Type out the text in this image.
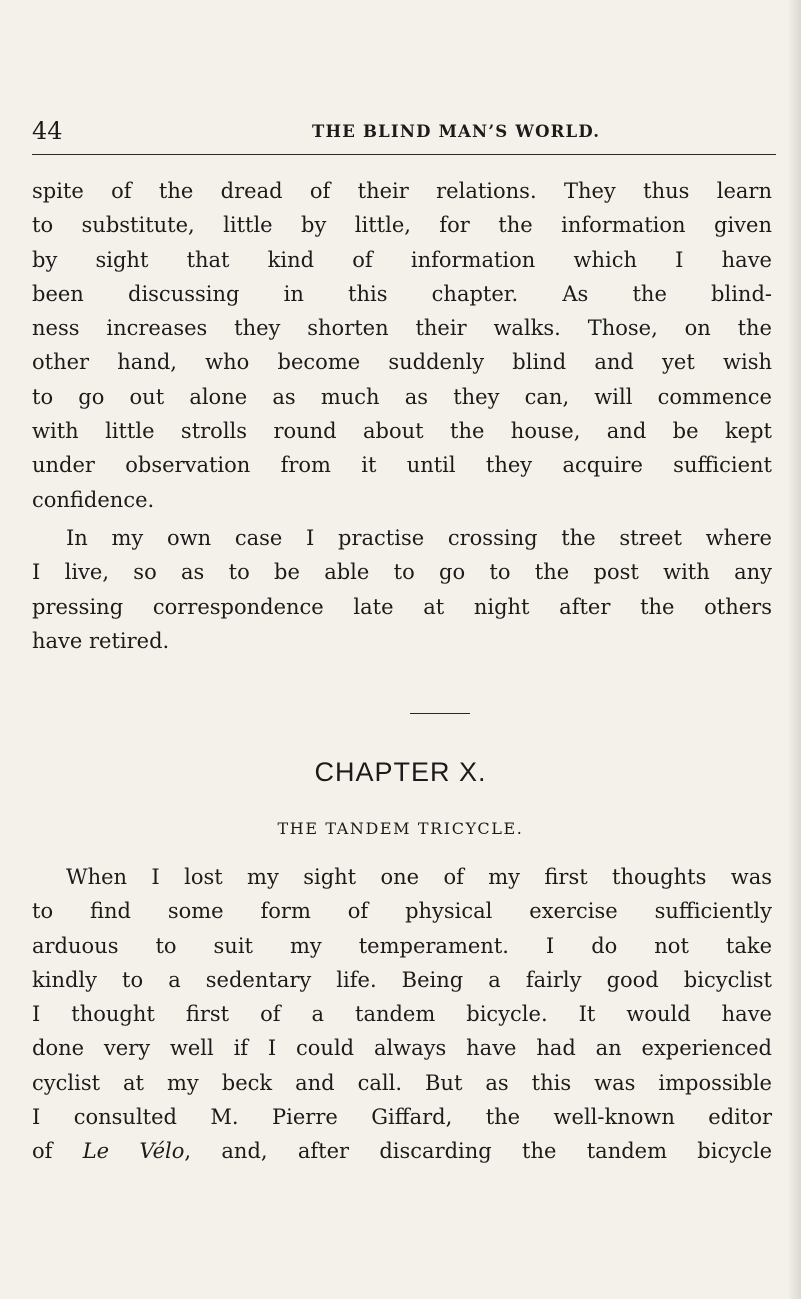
44	THE BLIND MAN’S WORLD.
spite of the dread of their relations. They thus learn
to substitute, little by little, for the information given
by sight that kind of information which I have
been discussing in this chapter. As the blind-
ness increases they shorten their walks. Those, on the
other hand, who become suddenly blind and yet wish
to go out alone as much as they can, will commence
with little strolls round about the house, and be kept
under observation from it until they acquire sufficient
confidence.
In my own case I practise crossing the street where
I live, so as to be able to go to the post with any
pressing correspondence late at night after the others
have retired.
CHAPTER X.
THE TANDEM TRICYCLE.
When I lost my sight one of my first thoughts was
to find some form of physical exercise sufficiently
arduous to suit my temperament. I do not take
kindly to a sedentary life. Being a fairly good bicyclist
I thought first of a tandem bicycle. It would have
done very well if I could always have had an experienced
cyclist at my beck and call. But as this was impossible
I consulted M. Pierre Giffard, the well-known editor
of Le Vélo, and, after discarding the tandem bicycle
